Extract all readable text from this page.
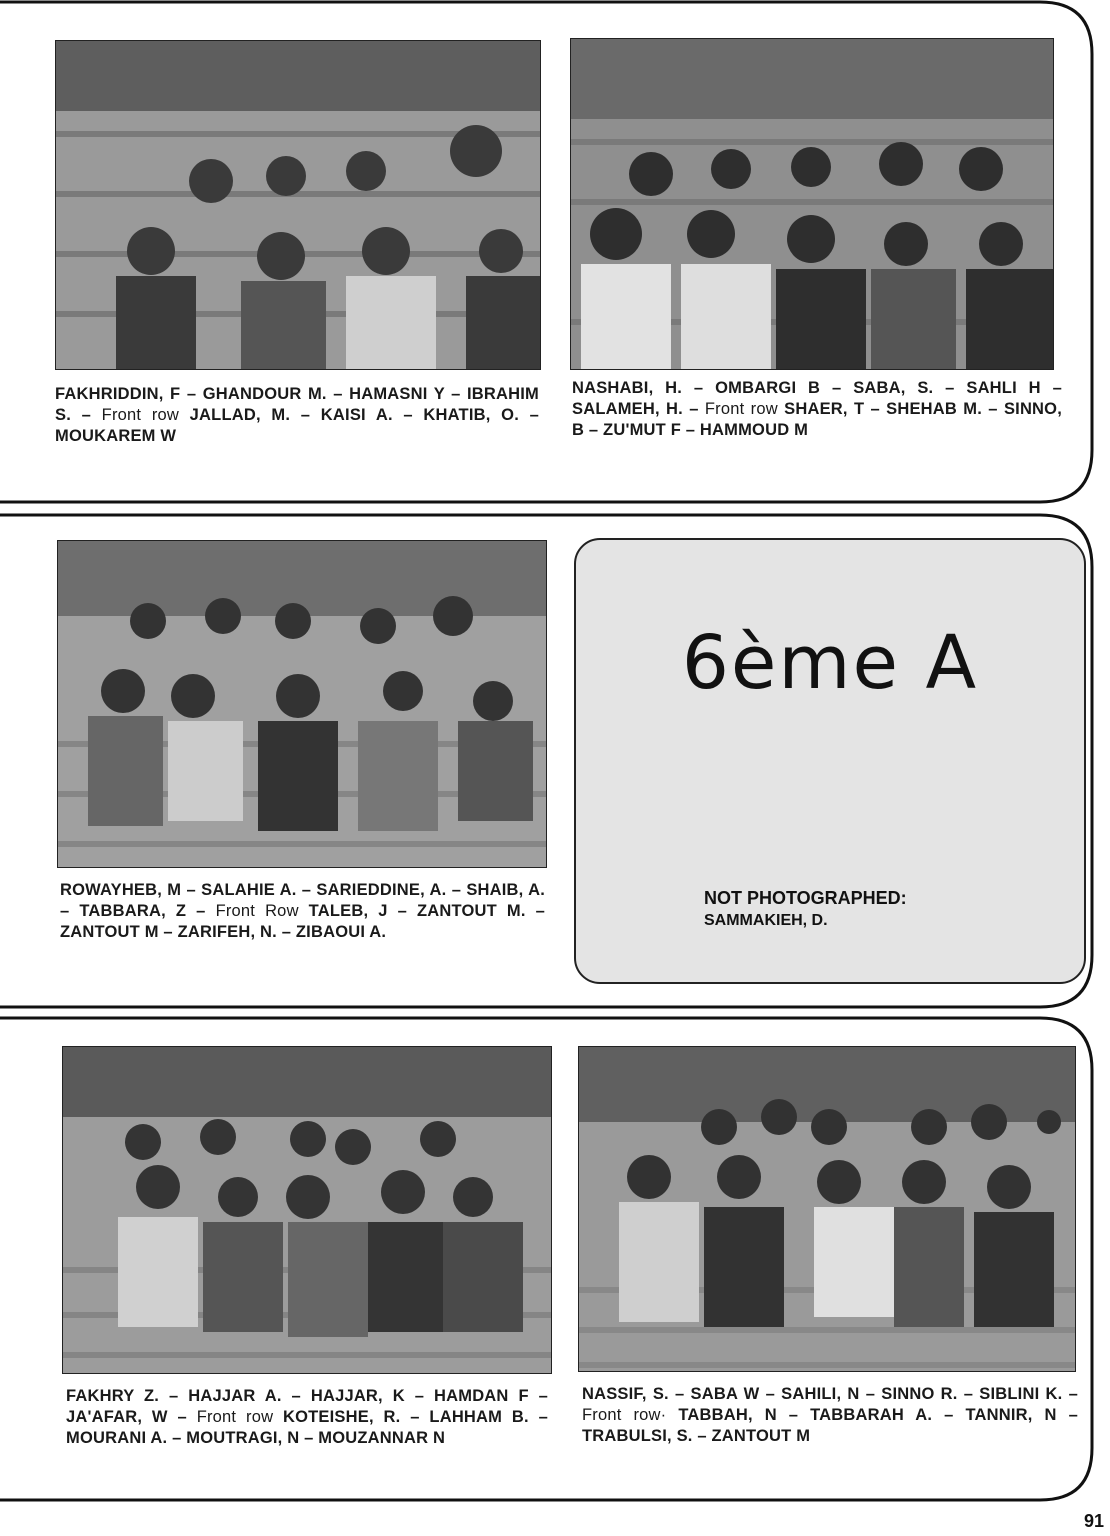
FAKHRIDDIN, F – GHANDOUR M. – HAMASNI Y – IBRAHIM S. – Front row JALLAD, M. – KAISI A. – KHATIB, O. – MOUKAREM W

NASHABI, H. – OMBARGI B – SABA, S. – SAHLI H – SALAMEH, H. – Front row SHAER, T – SHEHAB M. – SINNO, B – ZU'MUT F – HAMMOUD M

ROWAYHEB, M – SALAHIE A. – SARIEDDINE, A. – SHAIB, A. – TABBARA, Z – Front Row TALEB, J – ZANTOUT M. – ZANTOUT M – ZARIFEH, N. – ZIBAOUI A.

6ème A
NOT PHOTOGRAPHED:
SAMMAKIEH, D.

FAKHRY Z. – HAJJAR A. – HAJJAR, K – HAMDAN F – JA'AFAR, W – Front row KOTEISHE, R. – LAHHAM B. – MOURANI A. – MOUTRAGI, N – MOUZANNAR N

NASSIF, S. – SABA W – SAHILI, N – SINNO R. – SIBLINI K. – Front row· TABBAH, N – TABBARAH A. – TANNIR, N – TRABULSI, S. – ZANTOUT M

91
